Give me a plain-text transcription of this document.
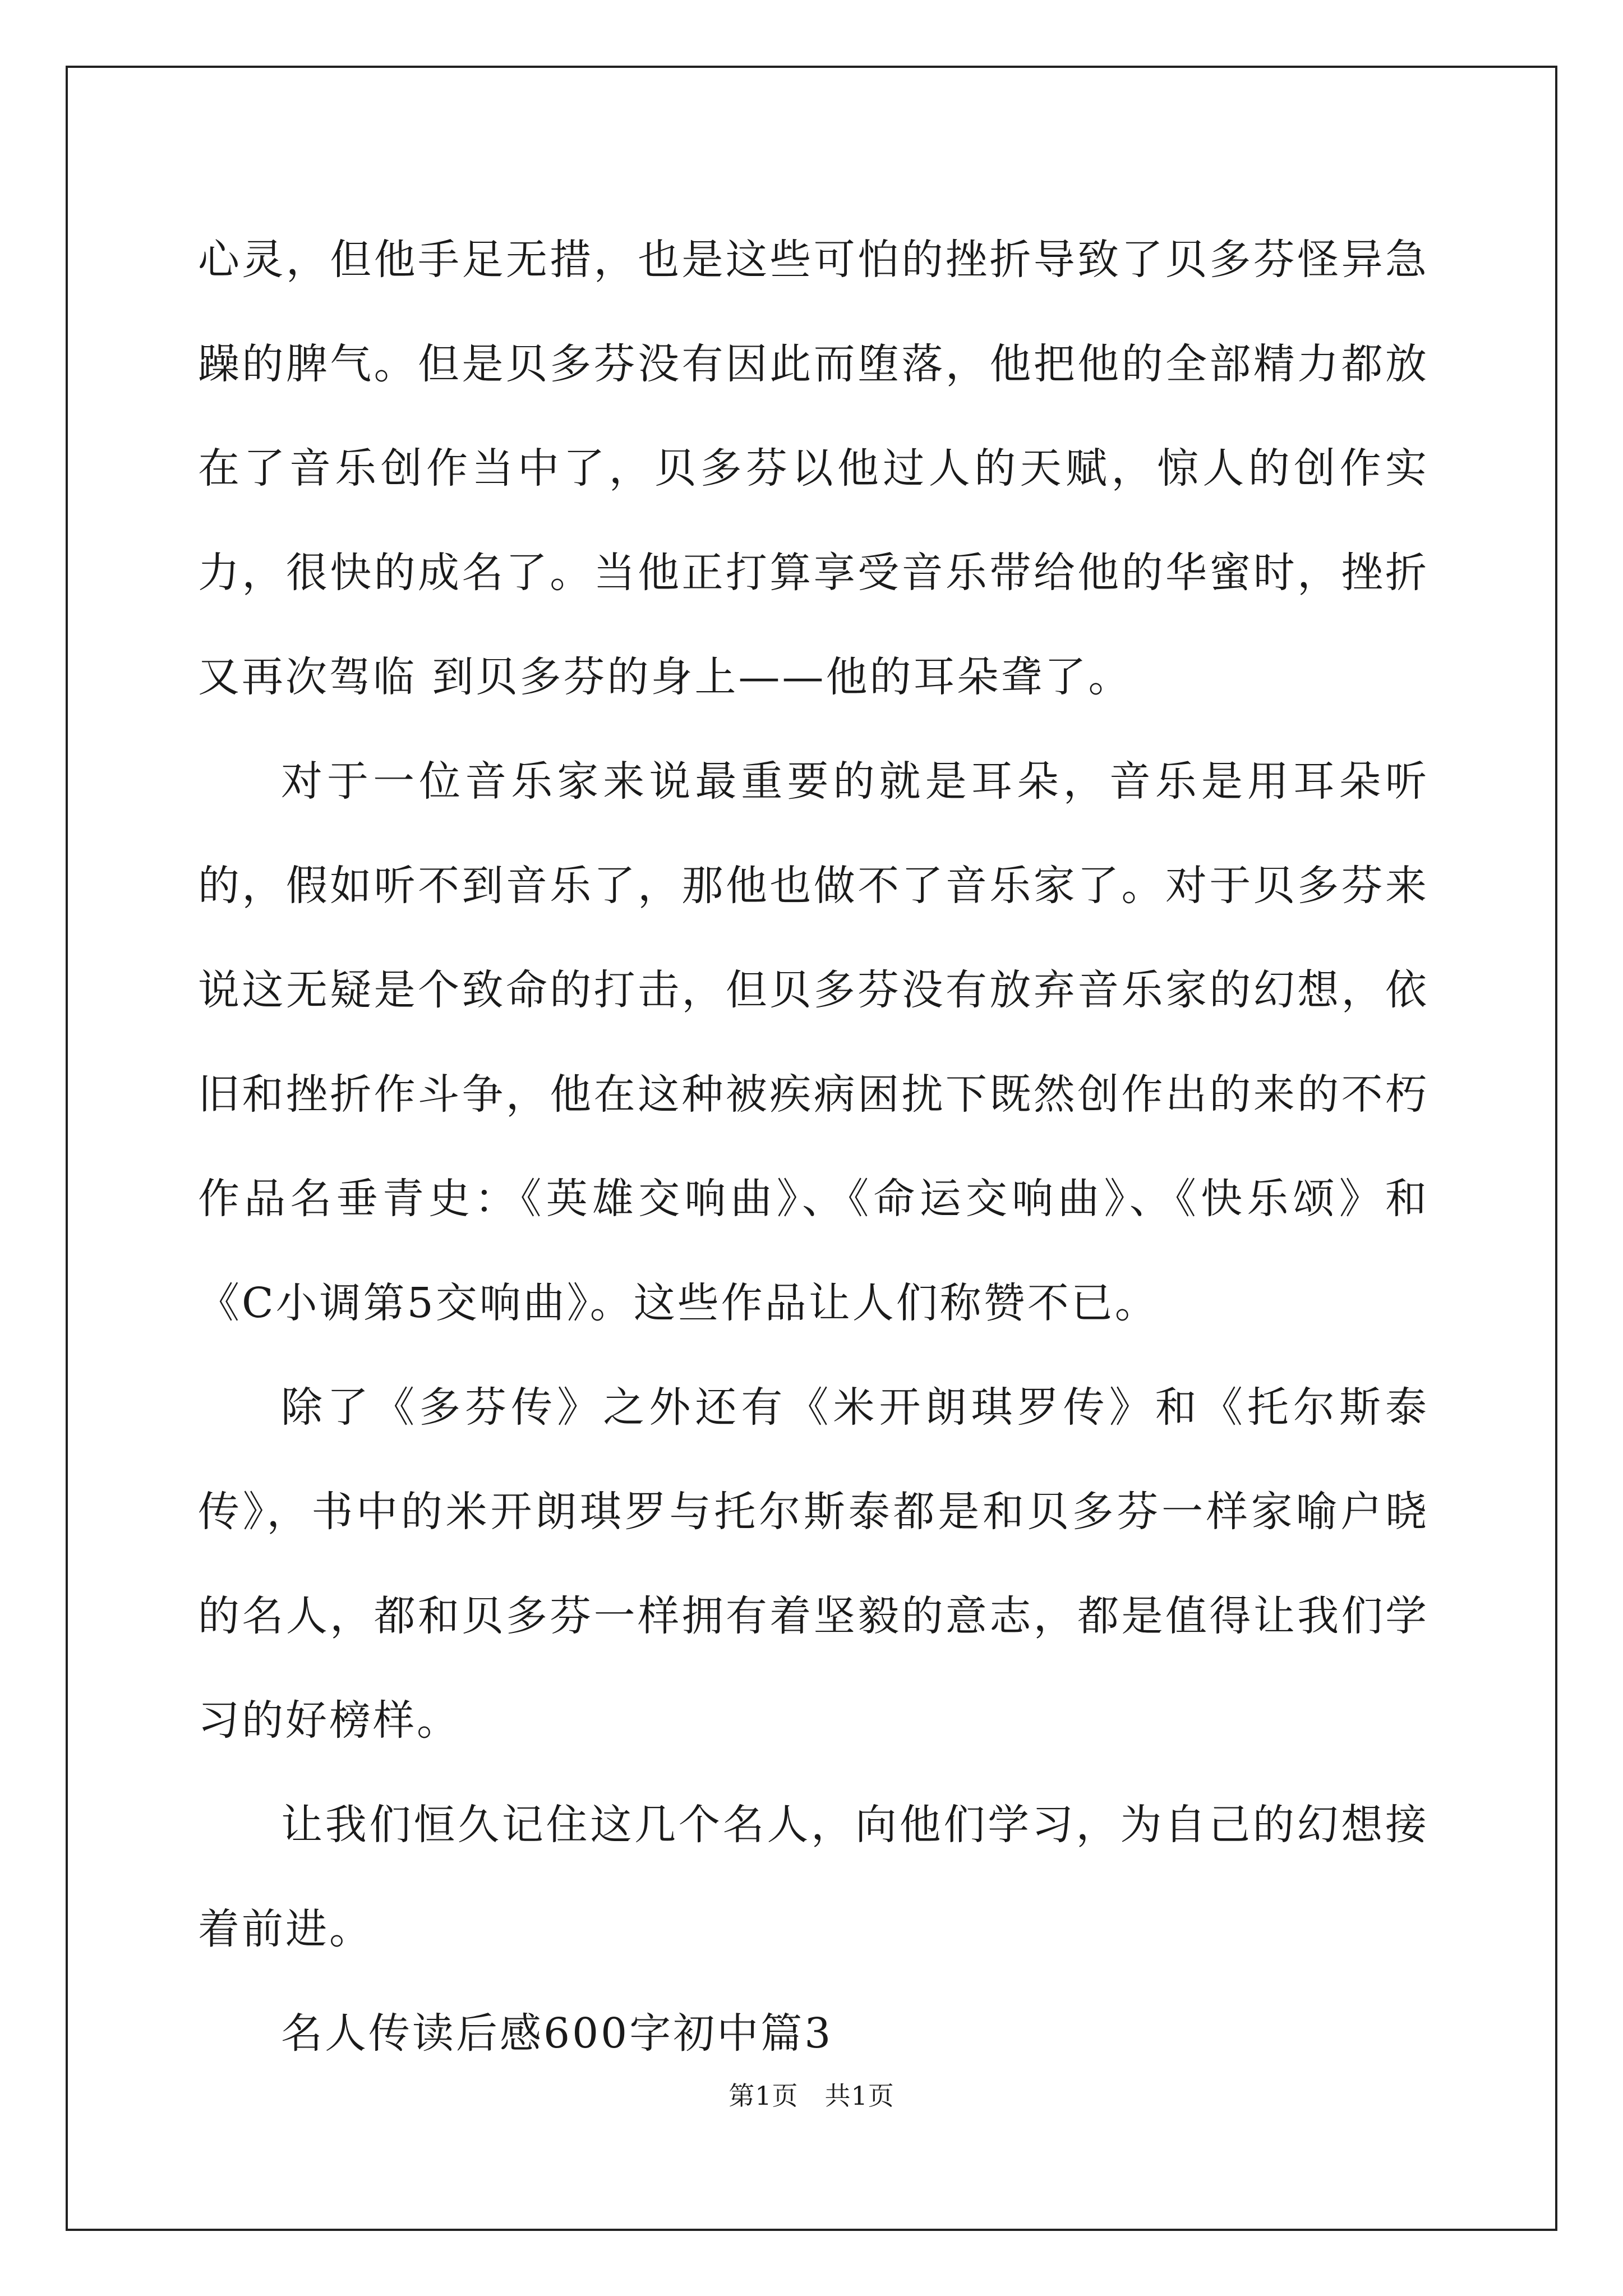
心灵，但他手足无措，也是这些可怕的挫折导致了贝多芬怪异急躁的脾气。但是贝多芬没有因此而堕落，他把他的全部精力都放在了音乐创作当中了，贝多芬以他过人的天赋，惊人的创作实力，很快的成名了。当他正打算享受音乐带给他的华蜜时，挫折又再次驾临 到贝多芬的身上——他的耳朵聋了。

对于一位音乐家来说最重要的就是耳朵，音乐是用耳朵听的，假如听不到音乐了，那他也做不了音乐家了。对于贝多芬来说这无疑是个致命的打击，但贝多芬没有放弃音乐家的幻想，依旧和挫折作斗争，他在这种被疾病困扰下既然创作出的来的不朽作品名垂青史：《英雄交响曲》、《命运交响曲》、《快乐颂》和《C小调第5交响曲》。这些作品让人们称赞不已。

除了《多芬传》之外还有《米开朗琪罗传》和《托尔斯泰传》，书中的米开朗琪罗与托尔斯泰都是和贝多芬一样家喻户晓的名人，都和贝多芬一样拥有着坚毅的意志，都是值得让我们学习的好榜样。

让我们恒久记住这几个名人，向他们学习，为自己的幻想接着前进。

名人传读后感600字初中篇3

第1页 共1页
